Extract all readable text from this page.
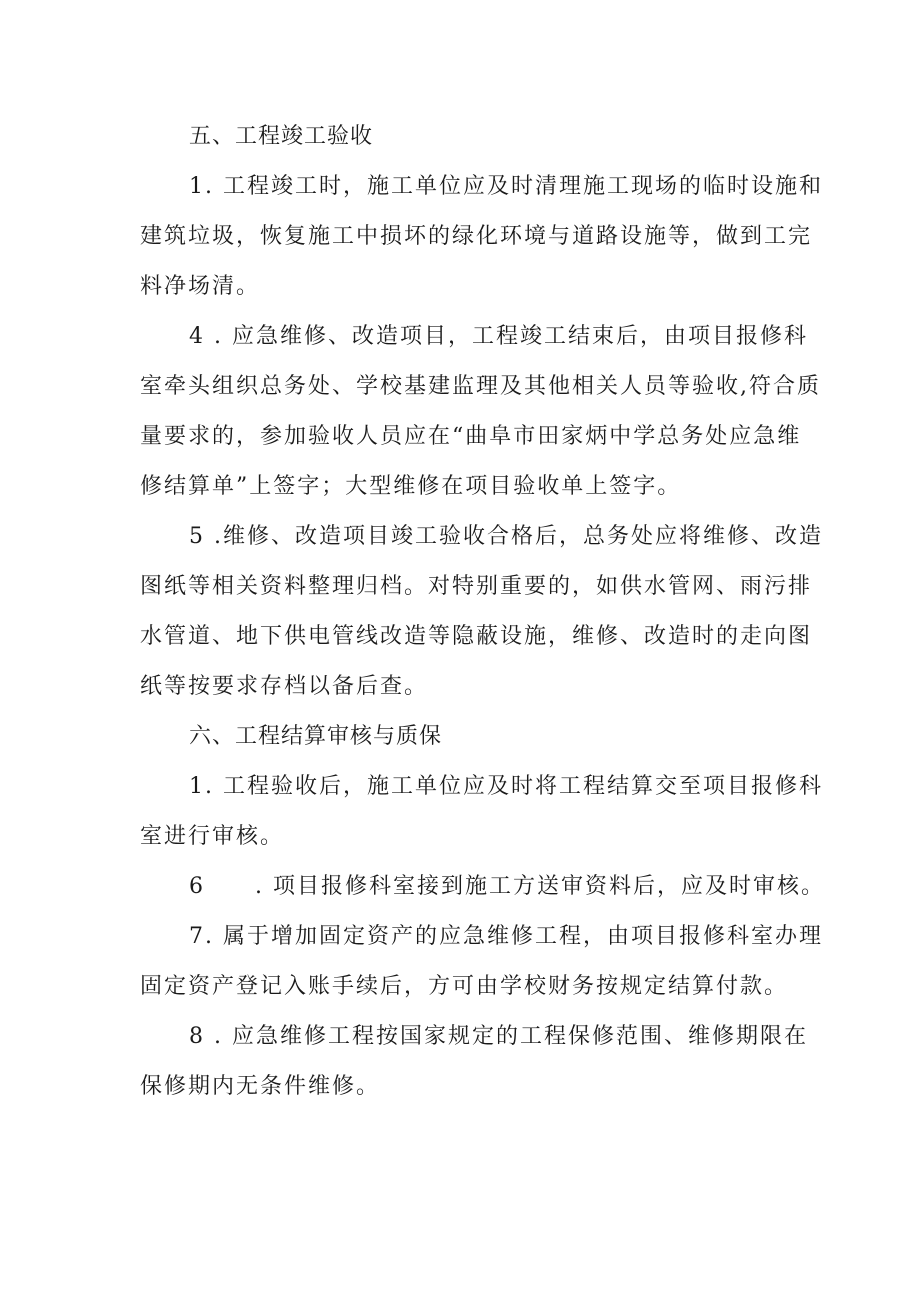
五、工程竣工验收
1. 工程竣工时，施工单位应及时清理施工现场的临时设施和
建筑垃圾，恢复施工中损坏的绿化环境与道路设施等，做到工完
料净场清。
4 . 应急维修、改造项目，工程竣工结束后，由项目报修科
室牵头组织总务处、学校基建监理及其他相关人员等验收,符合质
量要求的，参加验收人员应在“曲阜市田家炳中学总务处应急维
修结算单”上签字；大型维修在项目验收单上签字。
5 .维修、改造项目竣工验收合格后，总务处应将维修、改造
图纸等相关资料整理归档。对特别重要的，如供水管网、雨污排
水管道、地下供电管线改造等隐蔽设施，维修、改造时的走向图
纸等按要求存档以备后查。
六、工程结算审核与质保
1. 工程验收后，施工单位应及时将工程结算交至项目报修科
室进行审核。
6 . 项目报修科室接到施工方送审资料后，应及时审核。
7. 属于增加固定资产的应急维修工程，由项目报修科室办理
固定资产登记入账手续后，方可由学校财务按规定结算付款。
8 . 应急维修工程按国家规定的工程保修范围、维修期限在
保修期内无条件维修。
